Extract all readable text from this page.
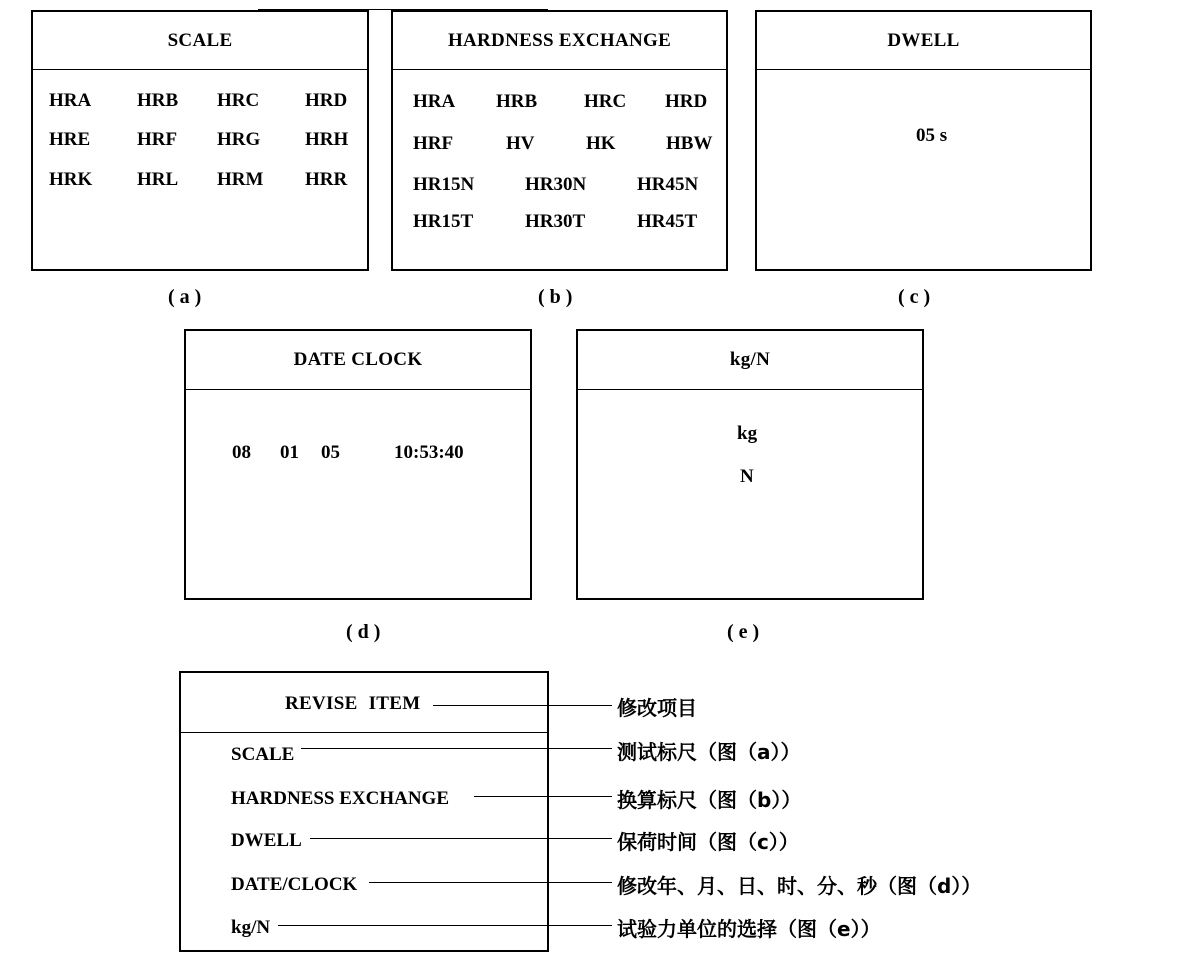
SCALE
HRA HRB HRC HRD
HRE HRF HRG HRH
HRK HRL HRM HRR
(a)
HARDNESS EXCHANGE
HRA HRB HRC HRD
HRF	HV	HK	HBW
HR15N	HR30N	HR45N
HR15T	HR30T	HR45T
(b)
DWELL
05 s
(c)
DATE CLOCK
08 01 05	10:53:40
(d)
kg/N
kg
N
(e)
REVISE ITEM
SCALE
HARDNESS EXCHANGE
DWELL
DATE/CLOCK
kg/N
修改项目
测试标尺（图（a））
换算标尺（图（b））
保荷时间（图（c））
修改年、月、日、时、分、秒（图（d））
试验力单位的选择（图（e））
